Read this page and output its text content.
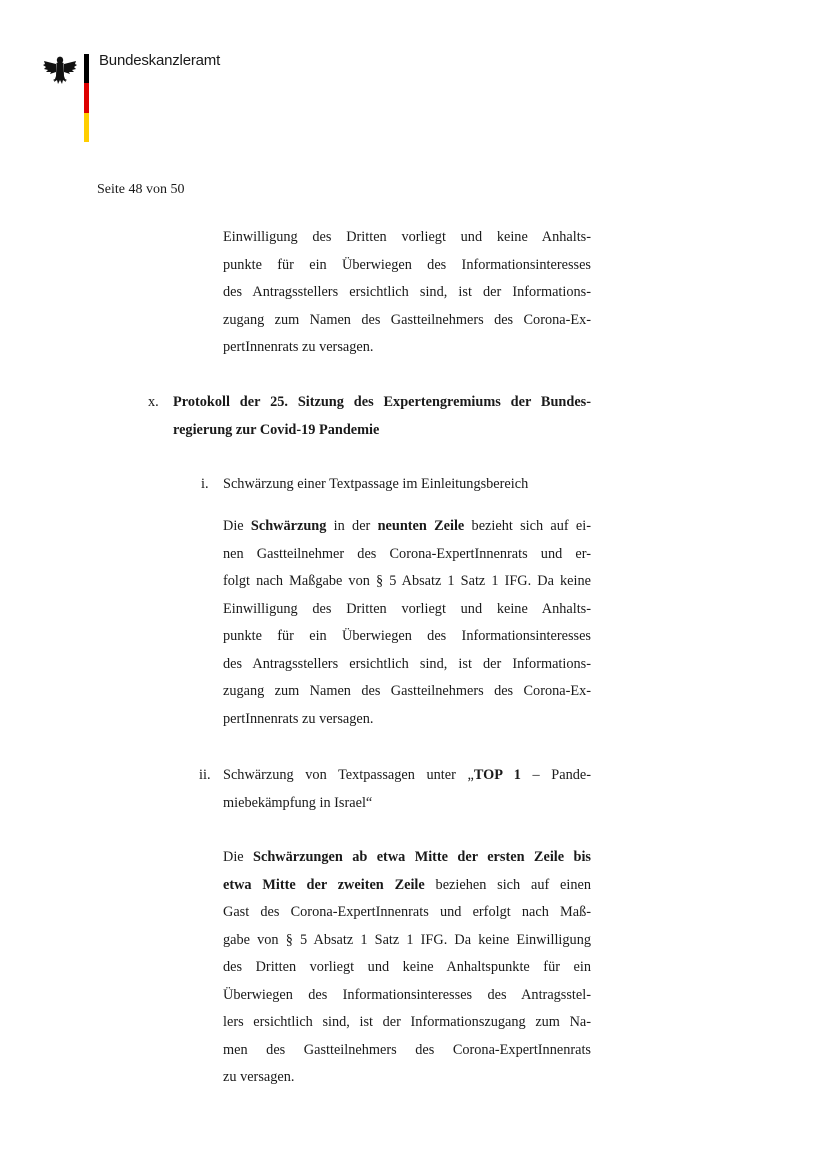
Bundeskanzleramt
Seite 48 von 50
Einwilligung des Dritten vorliegt und keine Anhalts-
punkte für ein Überwiegen des Informationsinteresses
des Antragsstellers ersichtlich sind, ist der Informations-
zugang zum Namen des Gastteilnehmers des Corona-Ex-
pertInnenrats zu versagen.
x. Protokoll der 25. Sitzung des Expertengremiums der Bundes-
regierung zur Covid-19 Pandemie
i. Schwärzung einer Textpassage im Einleitungsbereich
Die Schwärzung in der neunten Zeile bezieht sich auf ei-
nen Gastteilnehmer des Corona-ExpertInnenrats und er-
folgt nach Maßgabe von § 5 Absatz 1 Satz 1 IFG. Da keine
Einwilligung des Dritten vorliegt und keine Anhalts-
punkte für ein Überwiegen des Informationsinteresses
des Antragsstellers ersichtlich sind, ist der Informations-
zugang zum Namen des Gastteilnehmers des Corona-Ex-
pertInnenrats zu versagen.
ii. Schwärzung von Textpassagen unter „TOP 1 – Pande-
miebekämpfung in Israel“
Die Schwärzungen ab etwa Mitte der ersten Zeile bis
etwa Mitte der zweiten Zeile beziehen sich auf einen
Gast des Corona-ExpertInnenrats und erfolgt nach Maß-
gabe von § 5 Absatz 1 Satz 1 IFG. Da keine Einwilligung
des Dritten vorliegt und keine Anhaltspunkte für ein
Überwiegen des Informationsinteresses des Antragsstel-
lers ersichtlich sind, ist der Informationszugang zum Na-
men des Gastteilnehmers des Corona-ExpertInnenrats
zu versagen.
